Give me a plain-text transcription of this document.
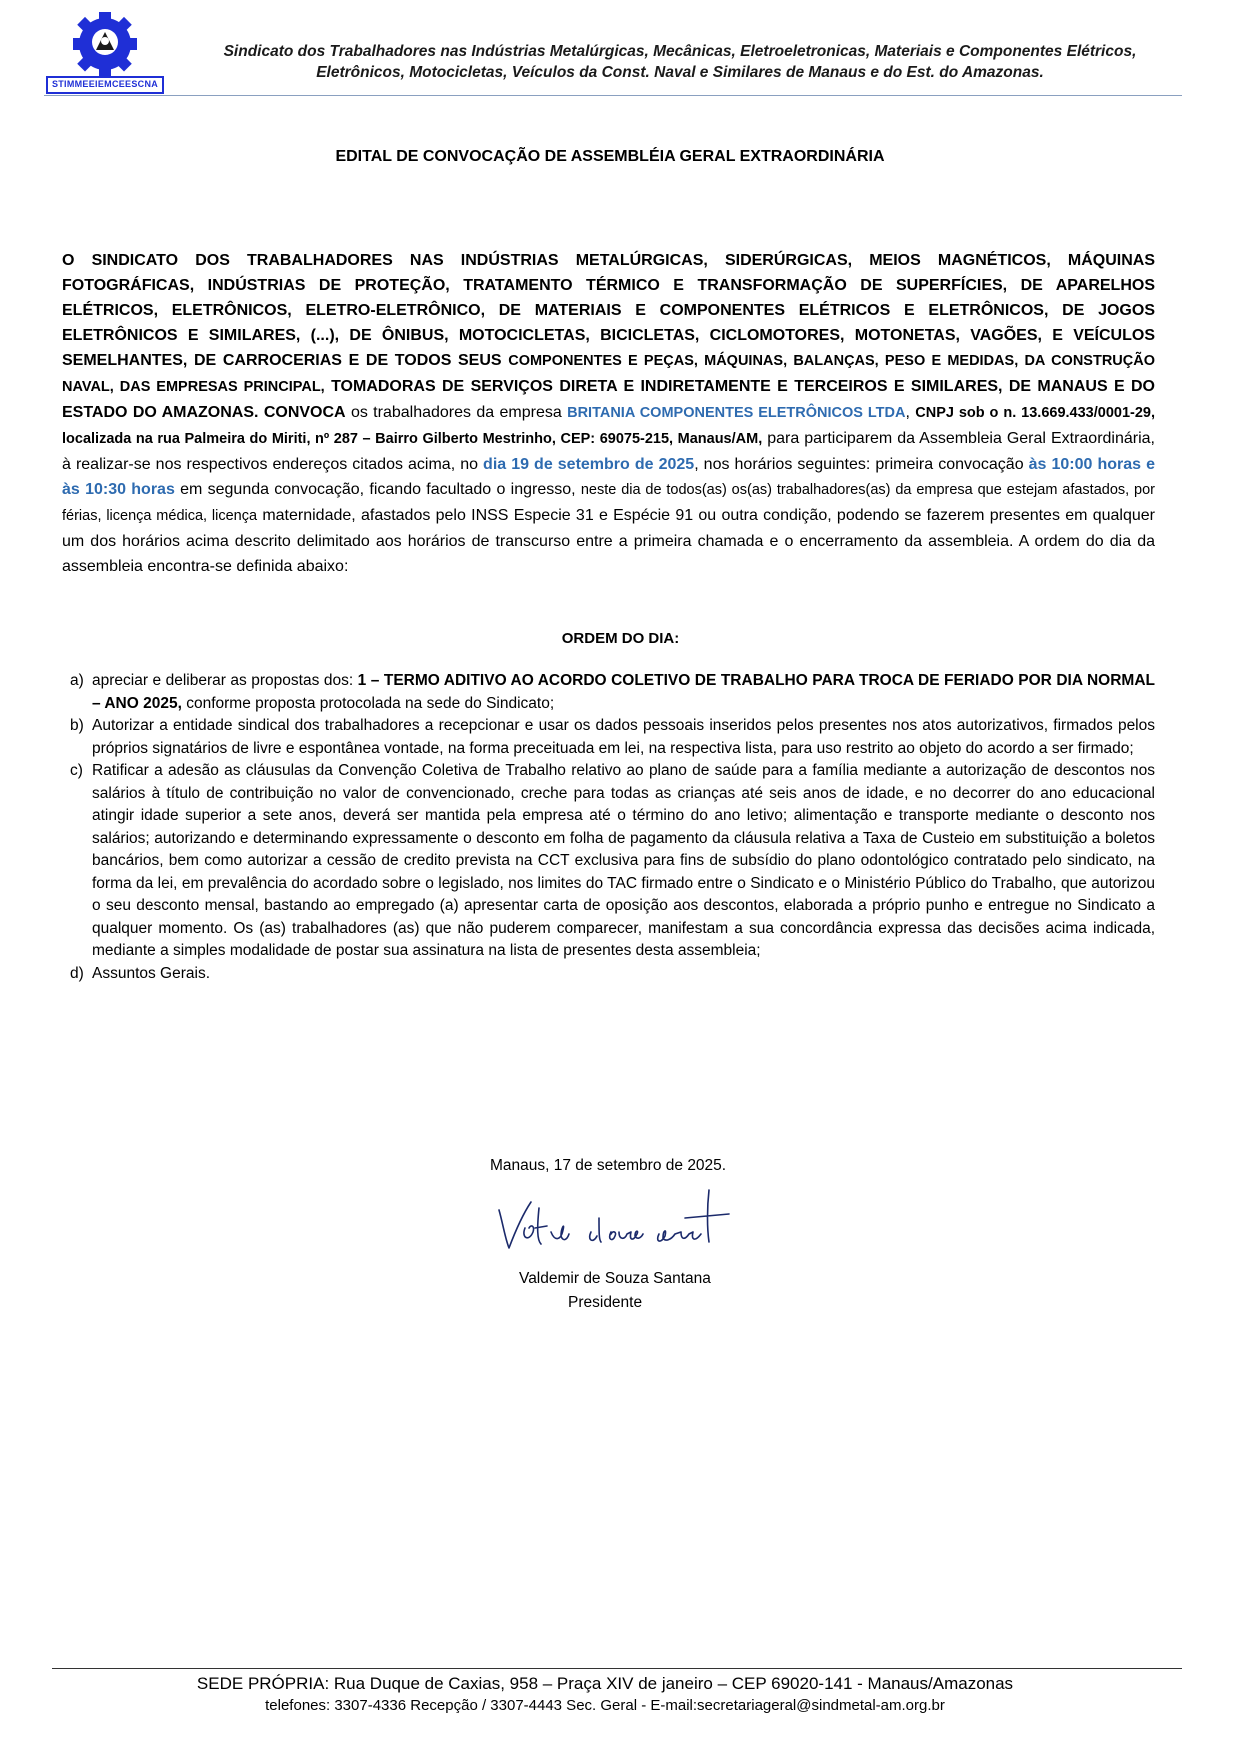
STIMMEEIEMCEESCNA
Sindicato dos Trabalhadores nas Indústrias Metalúrgicas, Mecânicas, Eletroeletronicas, Materiais e Componentes Elétricos,
Eletrônicos, Motocicletas, Veículos da Const. Naval e Similares de Manaus e do Est. do Amazonas.
EDITAL DE CONVOCAÇÃO DE ASSEMBLÉIA GERAL EXTRAORDINÁRIA
O SINDICATO DOS TRABALHADORES NAS INDÚSTRIAS METALÚRGICAS, SIDERÚRGICAS, MEIOS MAGNÉTICOS, MÁQUINAS FOTOGRÁFICAS, INDÚSTRIAS DE PROTEÇÃO, TRATAMENTO TÉRMICO E TRANSFORMAÇÃO DE SUPERFÍCIES, DE APARELHOS ELÉTRICOS, ELETRÔNICOS, ELETRO-ELETRÔNICO, DE MATERIAIS E COMPONENTES ELÉTRICOS E ELETRÔNICOS, DE JOGOS ELETRÔNICOS E SIMILARES, (...), DE ÔNIBUS, MOTOCICLETAS, BICICLETAS, CICLOMOTORES, MOTONETAS, VAGÕES, E VEÍCULOS SEMELHANTES, DE CARROCERIAS E DE TODOS SEUS COMPONENTES E PEÇAS, MÁQUINAS, BALANÇAS, PESO E MEDIDAS, DA CONSTRUÇÃO NAVAL, DAS EMPRESAS PRINCIPAL, TOMADORAS DE SERVIÇOS DIRETA E INDIRETAMENTE E TERCEIROS E SIMILARES, DE MANAUS E DO ESTADO DO AMAZONAS. CONVOCA os trabalhadores da empresa BRITANIA COMPONENTES ELETRÔNICOS LTDA, CNPJ sob o n. 13.669.433/0001-29, localizada na rua Palmeira do Miriti, nº 287 – Bairro Gilberto Mestrinho, CEP: 69075-215, Manaus/AM, para participarem da Assembleia Geral Extraordinária, à realizar-se nos respectivos endereços citados acima, no dia 19 de setembro de 2025, nos horários seguintes: primeira convocação às 10:00 horas e às 10:30 horas em segunda convocação, ficando facultado o ingresso, neste dia de todos(as) os(as) trabalhadores(as) da empresa que estejam afastados, por férias, licença médica, licença maternidade, afastados pelo INSS Especie 31 e Espécie 91 ou outra condição, podendo se fazerem presentes em qualquer um dos horários acima descrito delimitado aos horários de transcurso entre a primeira chamada e o encerramento da assembleia. A ordem do dia da assembleia encontra-se definida abaixo:
ORDEM DO DIA:
a) apreciar e deliberar as propostas dos: 1 – TERMO ADITIVO AO ACORDO COLETIVO DE TRABALHO PARA TROCA DE FERIADO POR DIA NORMAL – ANO 2025, conforme proposta protocolada na sede do Sindicato;
b) Autorizar a entidade sindical dos trabalhadores a recepcionar e usar os dados pessoais inseridos pelos presentes nos atos autorizativos, firmados pelos próprios signatários de livre e espontânea vontade, na forma preceituada em lei, na respectiva lista, para uso restrito ao objeto do acordo a ser firmado;
c) Ratificar a adesão as cláusulas da Convenção Coletiva de Trabalho relativo ao plano de saúde para a família mediante a autorização de descontos nos salários à título de contribuição no valor de convencionado, creche para todas as crianças até seis anos de idade, e no decorrer do ano educacional atingir idade superior a sete anos, deverá ser mantida pela empresa até o término do ano letivo; alimentação e transporte mediante o desconto nos salários; autorizando e determinando expressamente o desconto em folha de pagamento da cláusula relativa a Taxa de Custeio em substituição a boletos bancários, bem como autorizar a cessão de credito prevista na CCT exclusiva para fins de subsídio do plano odontológico contratado pelo sindicato, na forma da lei, em prevalência do acordado sobre o legislado, nos limites do TAC firmado entre o Sindicato e o Ministério Público do Trabalho, que autorizou o seu desconto mensal, bastando ao empregado (a) apresentar carta de oposição aos descontos, elaborada a próprio punho e entregue no Sindicato a qualquer momento. Os (as) trabalhadores (as) que não puderem comparecer, manifestam a sua concordância expressa das decisões acima indicada, mediante a simples modalidade de postar sua assinatura na lista de presentes desta assembleia;
d) Assuntos Gerais.
Manaus, 17 de setembro de 2025.
Valdemir de Souza Santana
Presidente
SEDE PRÓPRIA: Rua Duque de Caxias, 958 – Praça XIV de janeiro – CEP 69020-141 - Manaus/Amazonas
telefones: 3307-4336 Recepção / 3307-4443 Sec. Geral - E-mail:secretariageral@sindmetal-am.org.br
